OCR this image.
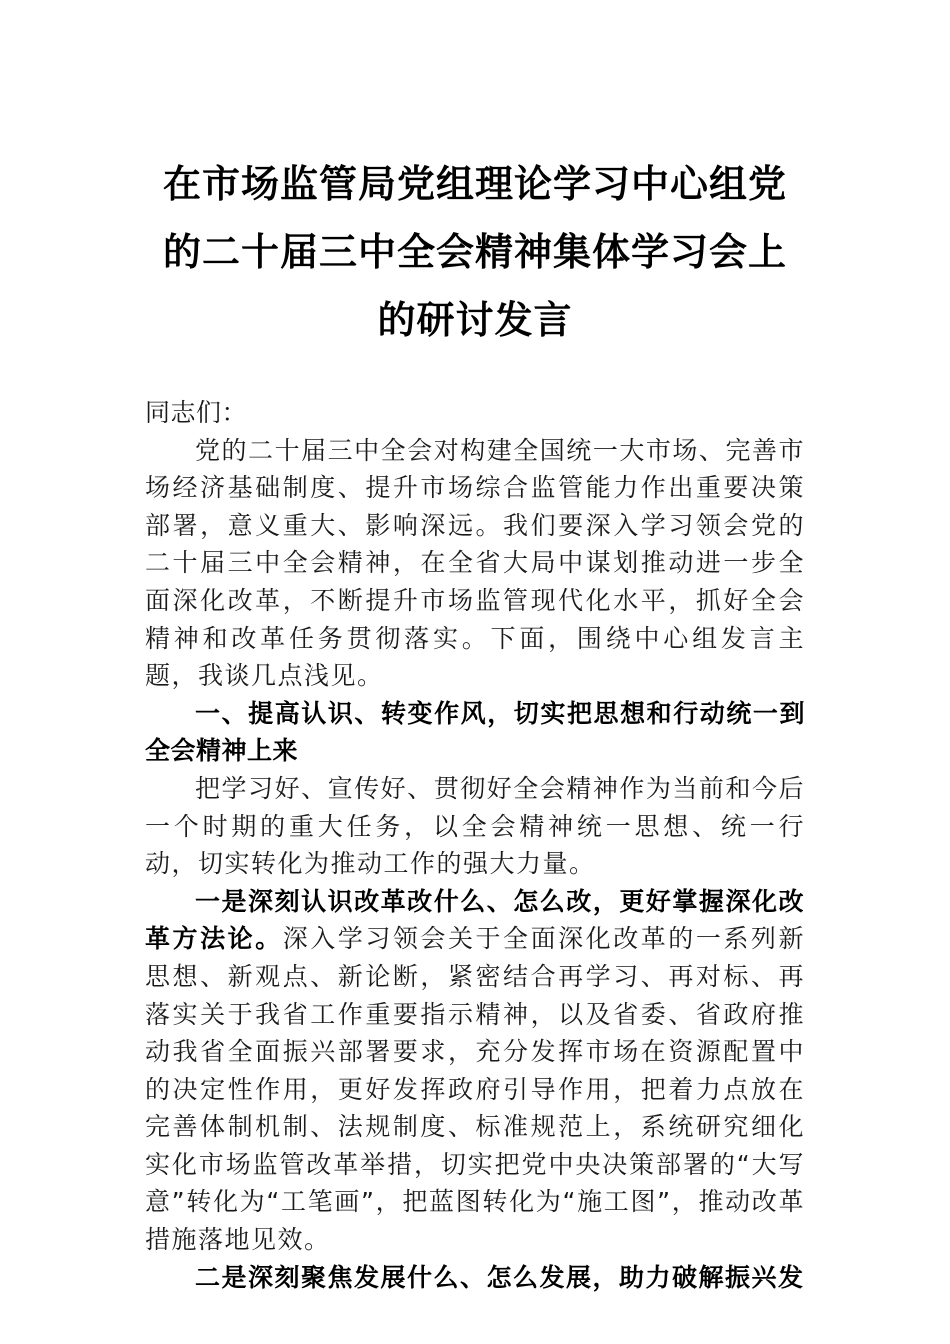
在市场监管局党组理论学习中心组党的二十届三中全会精神集体学习会上的研讨发言

同志们：

党的二十届三中全会对构建全国统一大市场、完善市场经济基础制度、提升市场综合监管能力作出重要决策部署，意义重大、影响深远。我们要深入学习领会党的二十届三中全会精神，在全省大局中谋划推动进一步全面深化改革，不断提升市场监管现代化水平，抓好全会精神和改革任务贯彻落实。下面，围绕中心组发言主题，我谈几点浅见。

一、提高认识、转变作风，切实把思想和行动统一到全会精神上来

把学习好、宣传好、贯彻好全会精神作为当前和今后一个时期的重大任务，以全会精神统一思想、统一行动，切实转化为推动工作的强大力量。

一是深刻认识改革改什么、怎么改，更好掌握深化改革方法论。深入学习领会关于全面深化改革的一系列新思想、新观点、新论断，紧密结合再学习、再对标、再落实关于我省工作重要指示精神，以及省委、省政府推动我省全面振兴部署要求，充分发挥市场在资源配置中的决定性作用，更好发挥政府引导作用，把着力点放在完善体制机制、法规制度、标准规范上，系统研究细化实化市场监管改革举措，切实把党中央决策部署的“大写意”转化为“工笔画”，把蓝图转化为“施工图”，推动改革措施落地见效。

二是深刻聚焦发展什么、怎么发展，助力破解振兴发
